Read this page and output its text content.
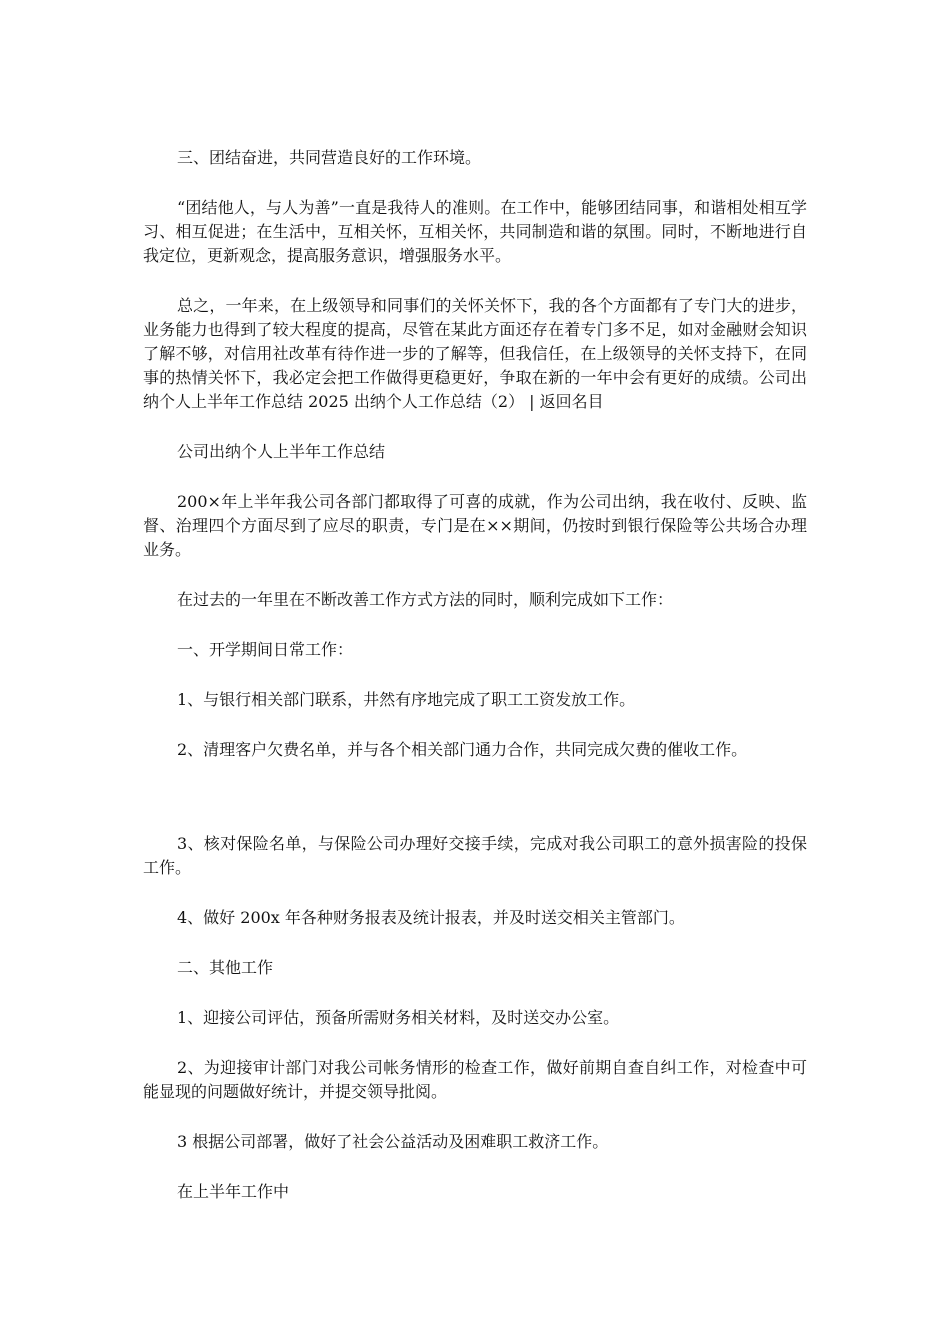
三、团结奋进，共同营造良好的工作环境。

“团结他人，与人为善”一直是我待人的准则。在工作中，能够团结同事，和谐相处相互学习、相互促进；在生活中，互相关怀，互相关怀，共同制造和谐的氛围。同时，不断地进行自我定位，更新观念，提高服务意识，增强服务水平。

总之，一年来，在上级领导和同事们的关怀关怀下，我的各个方面都有了专门大的进步，业务能力也得到了较大程度的提高，尽管在某此方面还存在着专门多不足，如对金融财会知识了解不够，对信用社改革有待作进一步的了解等，但我信任，在上级领导的关怀支持下，在同事的热情关怀下，我必定会把工作做得更稳更好，争取在新的一年中会有更好的成绩。公司出纳个人上半年工作总结 2025 出纳个人工作总结（2） | 返回名目

公司出纳个人上半年工作总结

200×年上半年我公司各部门都取得了可喜的成就，作为公司出纳，我在收付、反映、监督、治理四个方面尽到了应尽的职责，专门是在××期间，仍按时到银行保险等公共场合办理业务。

在过去的一年里在不断改善工作方式方法的同时，顺利完成如下工作：

一、开学期间日常工作：

1、与银行相关部门联系，井然有序地完成了职工工资发放工作。

2、清理客户欠费名单，并与各个相关部门通力合作，共同完成欠费的催收工作。

3、核对保险名单，与保险公司办理好交接手续，完成对我公司职工的意外损害险的投保工作。

4、做好 200x 年各种财务报表及统计报表，并及时送交相关主管部门。

二、其他工作

1、迎接公司评估，预备所需财务相关材料，及时送交办公室。

2、为迎接审计部门对我公司帐务情形的检查工作，做好前期自查自纠工作，对检查中可能显现的问题做好统计，并提交领导批阅。

3 根据公司部署，做好了社会公益活动及困难职工救济工作。

在上半年工作中
